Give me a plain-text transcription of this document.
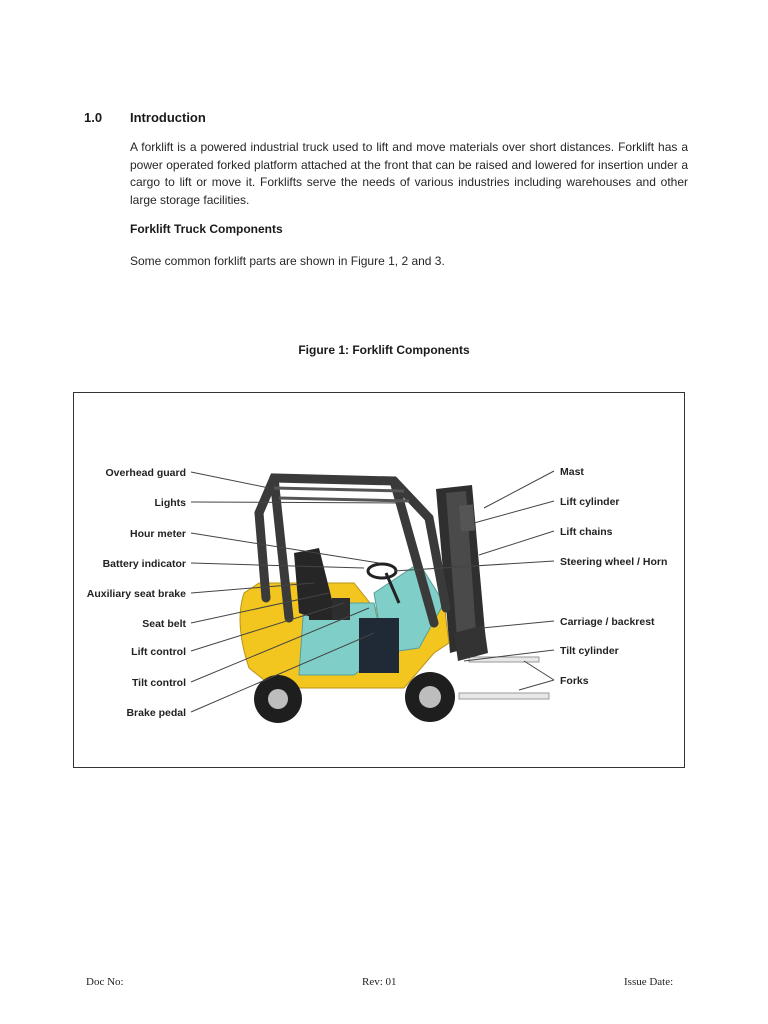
1.0 Introduction
A forklift is a powered industrial truck used to lift and move materials over short distances. Forklift has a power operated forked platform attached at the front that can be raised and lowered for insertion under a cargo to lift or move it. Forklifts serve the needs of various industries including warehouses and other large storage facilities.
Forklift Truck Components
Some common forklift parts are shown in Figure 1, 2 and 3.
Figure 1: Forklift Components
Overhead guard
Lights
Hour meter
Battery indicator
Auxiliary seat brake
Seat belt
Lift control
Tilt control
Brake pedal
Mast
Lift cylinder
Lift chains
Steering wheel / Horn
Carriage / backrest
Tilt cylinder
Forks
Doc No:	Rev: 01	Issue Date:
